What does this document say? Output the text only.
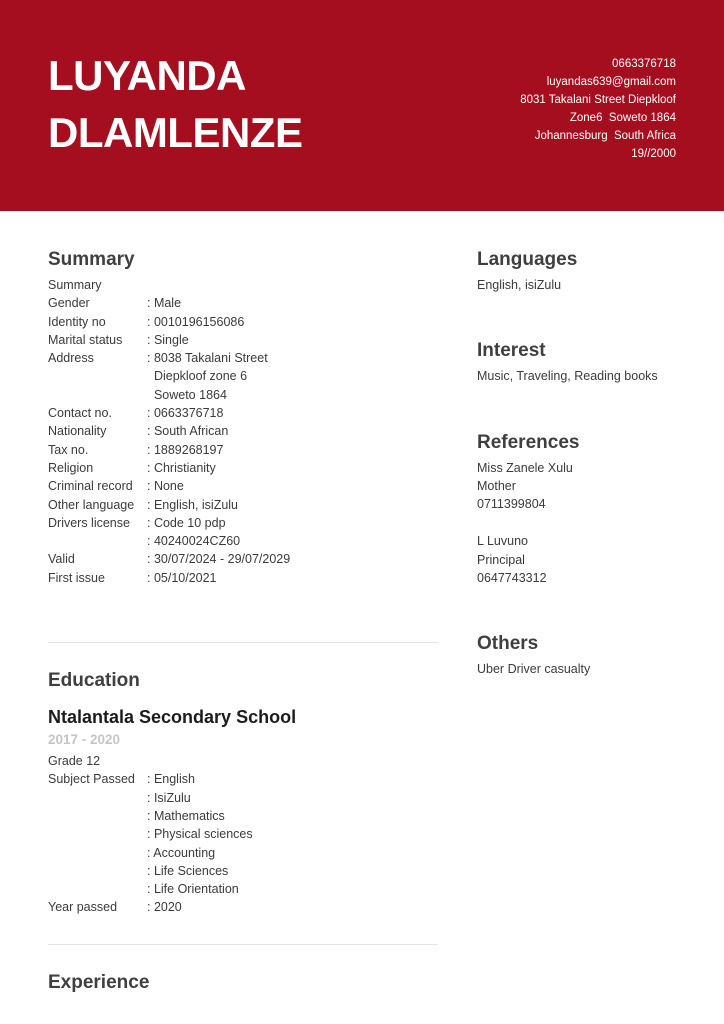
LUYANDA
DLAMLENZE
0663376718
luyandas639@gmail.com
8031 Takalani Street Diepkloof
Zone6  Soweto 1864
Johannesburg  South Africa
19//2000
Summary
Summary
Gender	: Male
Identity no	: 0010196156086
Marital status	: Single
Address	: 8038 Takalani Street
Diepkloof zone 6
Soweto 1864
Contact no.	: 0663376718
Nationality	: South African
Tax no.	: 1889268197
Religion	: Christianity
Criminal record	: None
Other language	: English, isiZulu
Drivers license	: Code 10 pdp
: 40240024CZ60
Valid	: 30/07/2024 - 29/07/2029
First issue	: 05/10/2021
Education
Ntalantala Secondary School
2017 - 2020
Grade 12
Subject Passed : English
: IsiZulu
: Mathematics
: Physical sciences
: Accounting
: Life Sciences
: Life Orientation
Year passed	: 2020
Experience
Languages
English, isiZulu
Interest
Music, Traveling, Reading books
References
Miss Zanele Xulu
Mother
0711399804
L Luvuno
Principal
0647743312
Others
Uber Driver casualty
